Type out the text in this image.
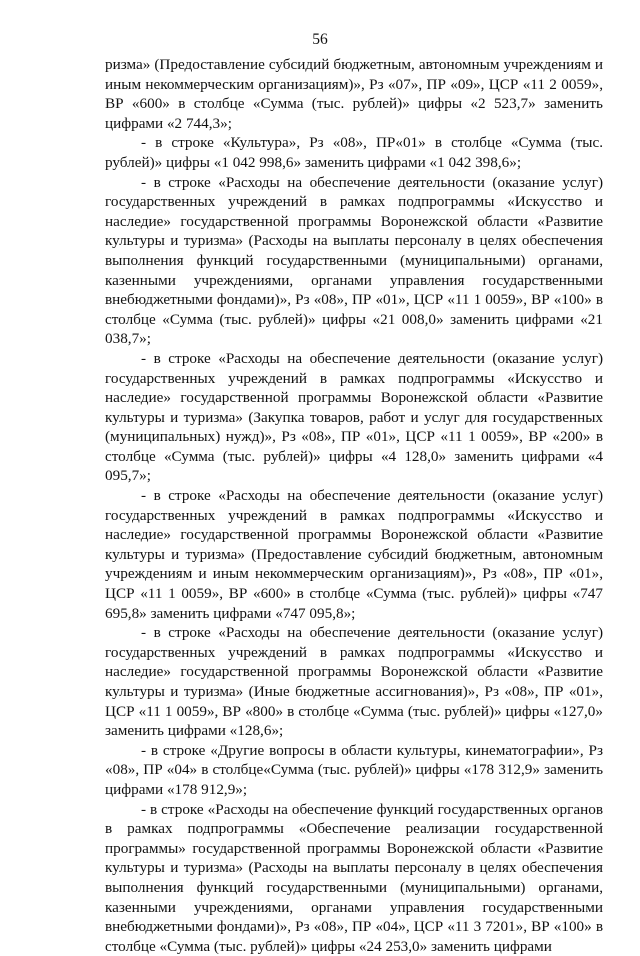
56

ризма» (Предоставление субсидий бюджетным, автономным учреждениям и иным некоммерческим организациям)», Рз «07», ПР «09», ЦСР «11 2 0059», ВР «600» в столбце «Сумма (тыс. рублей)» цифры «2 523,7» заменить цифрами «2 744,3»;

- в строке «Культура», Рз «08», ПР«01» в столбце «Сумма (тыс. рублей)» цифры «1 042 998,6» заменить цифрами «1 042 398,6»;

- в строке «Расходы на обеспечение деятельности (оказание услуг) государственных учреждений в рамках подпрограммы «Искусство и наследие» государственной программы Воронежской области «Развитие культуры и туризма» (Расходы на выплаты персоналу в целях обеспечения выполнения функций государственными (муниципальными) органами, казенными учреждениями, органами управления государственными внебюджетными фондами)», Рз «08», ПР «01», ЦСР «11 1 0059», ВР «100» в столбце «Сумма (тыс. рублей)» цифры «21 008,0» заменить цифрами «21 038,7»;

- в строке «Расходы на обеспечение деятельности (оказание услуг) государственных учреждений в рамках подпрограммы «Искусство и наследие» государственной программы Воронежской области «Развитие культуры и туризма» (Закупка товаров, работ и услуг для государственных (муниципальных) нужд)», Рз «08», ПР «01», ЦСР «11 1 0059», ВР «200» в столбце «Сумма (тыс. рублей)» цифры «4 128,0» заменить цифрами «4 095,7»;

- в строке «Расходы на обеспечение деятельности (оказание услуг) государственных учреждений в рамках подпрограммы «Искусство и наследие» государственной программы Воронежской области «Развитие культуры и туризма» (Предоставление субсидий бюджетным, автономным учреждениям и иным некоммерческим организациям)», Рз «08», ПР «01», ЦСР «11 1 0059», ВР «600» в столбце «Сумма (тыс. рублей)» цифры «747 695,8» заменить цифрами «747 095,8»;

- в строке «Расходы на обеспечение деятельности (оказание услуг) государственных учреждений в рамках подпрограммы «Искусство и наследие» государственной программы Воронежской области «Развитие культуры и туризма» (Иные бюджетные ассигнования)», Рз «08», ПР «01», ЦСР «11 1 0059», ВР «800» в столбце «Сумма (тыс. рублей)» цифры «127,0» заменить цифрами «128,6»;

- в строке «Другие вопросы в области культуры, кинематографии», Рз «08», ПР «04» в столбце«Сумма (тыс. рублей)» цифры «178 312,9» заменить цифрами «178 912,9»;

- в строке «Расходы на обеспечение функций государственных органов в рамках подпрограммы «Обеспечение реализации государственной программы» государственной программы Воронежской области «Развитие культуры и туризма» (Расходы на выплаты персоналу в целях обеспечения выполнения функций государственными (муниципальными) органами, казенными учреждениями, органами управления государственными внебюджетными фондами)», Рз «08», ПР «04», ЦСР «11 3 7201», ВР «100» в столбце «Сумма (тыс. рублей)» цифры «24 253,0» заменить цифрами
